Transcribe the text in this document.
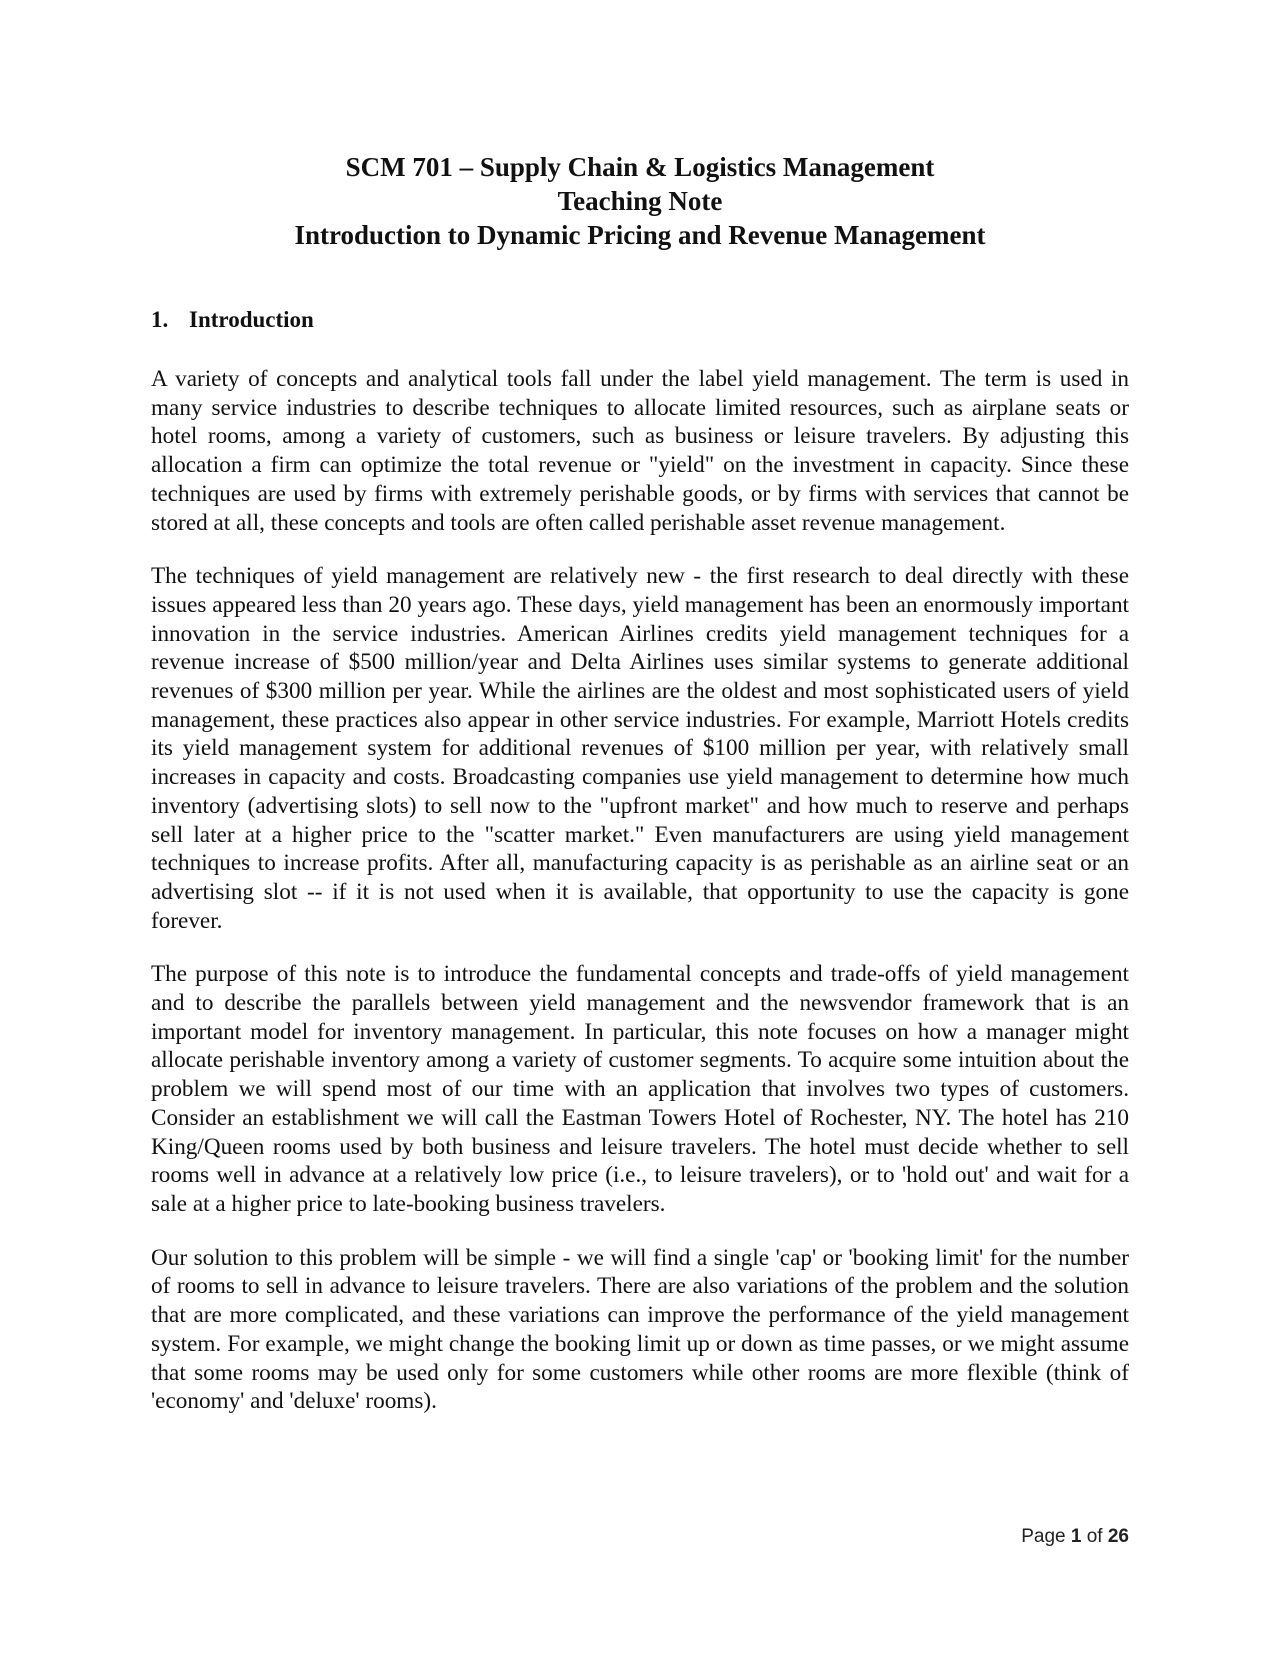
SCM 701 – Supply Chain & Logistics Management
Teaching Note
Introduction to Dynamic Pricing and Revenue Management
1. Introduction

A variety of concepts and analytical tools fall under the label yield management. The term is used in many service industries to describe techniques to allocate limited resources, such as airplane seats or hotel rooms, among a variety of customers, such as business or leisure travelers. By adjusting this allocation a firm can optimize the total revenue or "yield" on the investment in capacity. Since these techniques are used by firms with extremely perishable goods, or by firms with services that cannot be stored at all, these concepts and tools are often called perishable asset revenue management.

The techniques of yield management are relatively new - the first research to deal directly with these issues appeared less than 20 years ago. These days, yield management has been an enormously important innovation in the service industries. American Airlines credits yield management techniques for a revenue increase of $500 million/year and Delta Airlines uses similar systems to generate additional revenues of $300 million per year. While the airlines are the oldest and most sophisticated users of yield management, these practices also appear in other service industries. For example, Marriott Hotels credits its yield management system for additional revenues of $100 million per year, with relatively small increases in capacity and costs. Broadcasting companies use yield management to determine how much inventory (advertising slots) to sell now to the "upfront market" and how much to reserve and perhaps sell later at a higher price to the "scatter market." Even manufacturers are using yield management techniques to increase profits. After all, manufacturing capacity is as perishable as an airline seat or an advertising slot -- if it is not used when it is available, that opportunity to use the capacity is gone forever.

The purpose of this note is to introduce the fundamental concepts and trade-offs of yield management and to describe the parallels between yield management and the newsvendor framework that is an important model for inventory management. In particular, this note focuses on how a manager might allocate perishable inventory among a variety of customer segments. To acquire some intuition about the problem we will spend most of our time with an application that involves two types of customers. Consider an establishment we will call the Eastman Towers Hotel of Rochester, NY. The hotel has 210 King/Queen rooms used by both business and leisure travelers. The hotel must decide whether to sell rooms well in advance at a relatively low price (i.e., to leisure travelers), or to 'hold out' and wait for a sale at a higher price to late-booking business travelers.

Our solution to this problem will be simple - we will find a single 'cap' or 'booking limit' for the number of rooms to sell in advance to leisure travelers. There are also variations of the problem and the solution that are more complicated, and these variations can improve the performance of the yield management system. For example, we might change the booking limit up or down as time passes, or we might assume that some rooms may be used only for some customers while other rooms are more flexible (think of 'economy' and 'deluxe' rooms).

Page 1 of 26
